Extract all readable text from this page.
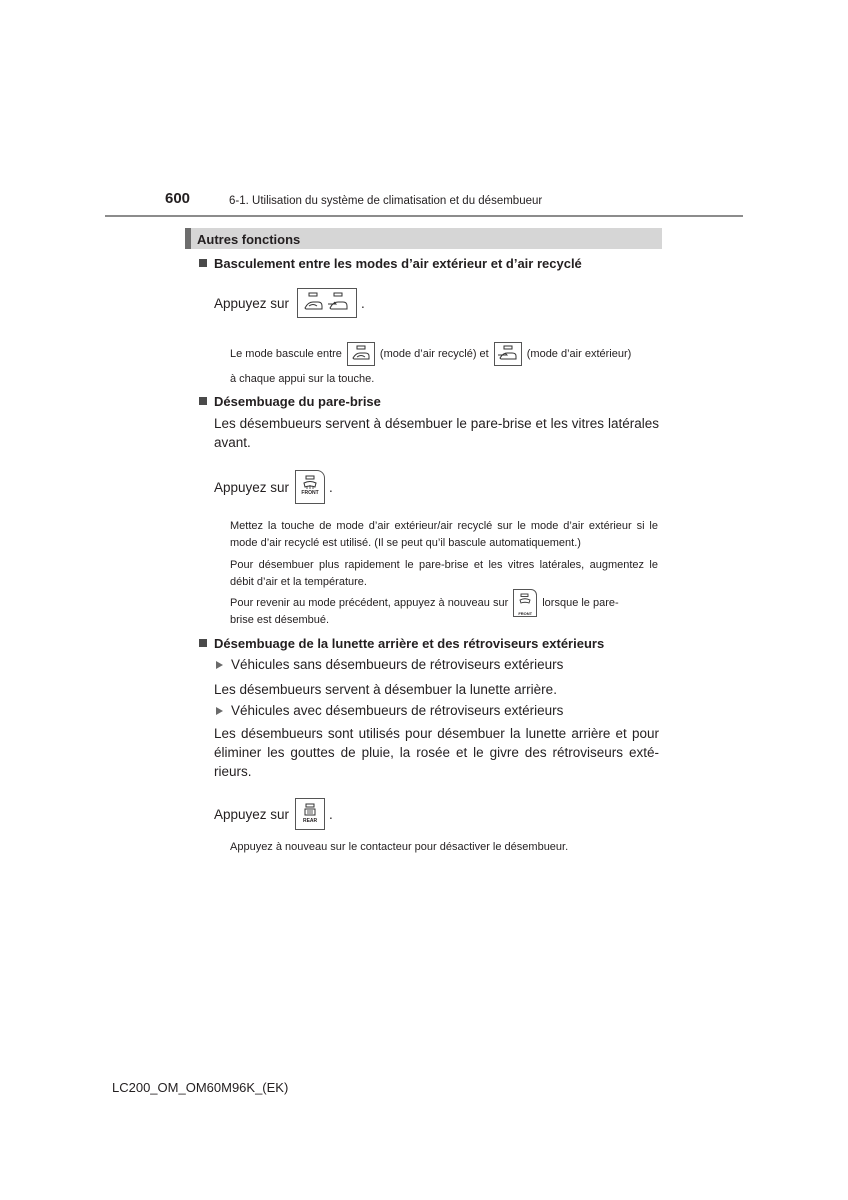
600	6-1. Utilisation du système de climatisation et du désembueur
Autres fonctions
Basculement entre les modes d’air extérieur et d’air recyclé
Appuyez sur	.
Le mode bascule entre	(mode d’air recyclé) et	(mode d’air extérieur)
à chaque appui sur la touche.
Désembuage du pare-brise
Les désembueurs servent à désembuer le pare-brise et les vitres latérales avant.
Appuyez sur	FRONT .
Mettez la touche de mode d’air extérieur/air recyclé sur le mode d’air extérieur si le mode d’air recyclé est utilisé. (Il se peut qu’il bascule automatiquement.)
Pour désembuer plus rapidement le pare-brise et les vitres latérales, augmentez le débit d’air et la température.
Pour revenir au mode précédent, appuyez à nouveau sur
FRONT
lorsque le pare-
brise est désembué.
Désembuage de la lunette arrière et des rétroviseurs extérieurs
Véhicules sans désembueurs de rétroviseurs extérieurs
Les désembueurs servent à désembuer la lunette arrière.
Véhicules avec désembueurs de rétroviseurs extérieurs
Les désembueurs sont utilisés pour désembuer la lunette arrière et pour éliminer les gouttes de pluie, la rosée et le givre des rétroviseurs exté-rieurs.
Appuyez sur	REAR .
Appuyez à nouveau sur le contacteur pour désactiver le désembueur.
LC200_OM_OM60M96K_(EK)
